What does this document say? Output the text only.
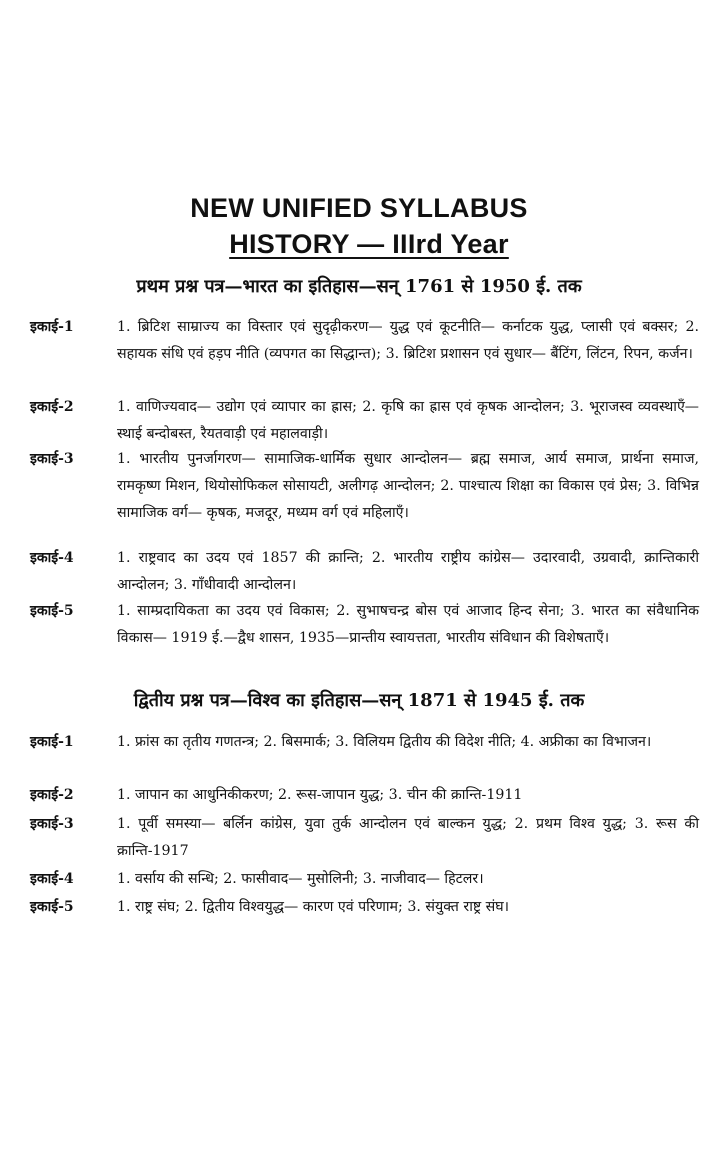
NEW UNIFIED SYLLABUS
HISTORY — IIIrd Year
प्रथम प्रश्न पत्र—भारत का इतिहास—सन् 1761 से 1950 ई. तक
इकाई-1	1. ब्रिटिश साम्राज्य का विस्तार एवं सुदृढ़ीकरण— युद्ध एवं कूटनीति— कर्नाटक युद्ध, प्लासी एवं बक्सर; 2. सहायक संधि एवं हड़प नीति (व्यपगत का सिद्धान्त); 3. ब्रिटिश प्रशासन एवं सुधार— बैंटिंग, लिंटन, रिपन, कर्जन।
इकाई-2	1. वाणिज्यवाद— उद्योग एवं व्यापार का ह्रास; 2. कृषि का ह्रास एवं कृषक आन्दोलन; 3. भूराजस्व व्यवस्थाएँ— स्थाई बन्दोबस्त, रैयतवाड़ी एवं महालवाड़ी।
इकाई-3	1. भारतीय पुनर्जागरण— सामाजिक-धार्मिक सुधार आन्दोलन— ब्रह्म समाज, आर्य समाज, प्रार्थना समाज, रामकृष्ण मिशन, थियोसोफिकल सोसायटी, अलीगढ़ आन्दोलन; 2. पाश्चात्य शिक्षा का विकास एवं प्रेस; 3. विभिन्न सामाजिक वर्ग— कृषक, मजदूर, मध्यम वर्ग एवं महिलाएँ।
इकाई-4	1. राष्ट्रवाद का उदय एवं 1857 की क्रान्ति; 2. भारतीय राष्ट्रीय कांग्रेस— उदारवादी, उग्रवादी, क्रान्तिकारी आन्दोलन; 3. गाँधीवादी आन्दोलन।
इकाई-5	1. साम्प्रदायिकता का उदय एवं विकास; 2. सुभाषचन्द्र बोस एवं आजाद हिन्द सेना; 3. भारत का संवैधानिक विकास— 1919 ई.—द्वैध शासन, 1935—प्रान्तीय स्वायत्तता, भारतीय संविधान की विशेषताएँ।
द्वितीय प्रश्न पत्र—विश्व का इतिहास—सन् 1871 से 1945 ई. तक
इकाई-1	1. फ्रांस का तृतीय गणतन्त्र; 2. बिसमार्क; 3. विलियम द्वितीय की विदेश नीति; 4. अफ्रीका का विभाजन।
इकाई-2	1. जापान का आधुनिकीकरण; 2. रूस-जापान युद्ध; 3. चीन की क्रान्ति-1911
इकाई-3	1. पूर्वी समस्या— बर्लिन कांग्रेस, युवा तुर्क आन्दोलन एवं बाल्कन युद्ध; 2. प्रथम विश्व युद्ध; 3. रूस की क्रान्ति-1917
इकाई-4	1. वर्साय की सन्धि; 2. फासीवाद— मुसोलिनी; 3. नाजीवाद— हिटलर।
इकाई-5	1. राष्ट्र संघ; 2. द्वितीय विश्वयुद्ध— कारण एवं परिणाम; 3. संयुक्त राष्ट्र संघ।
